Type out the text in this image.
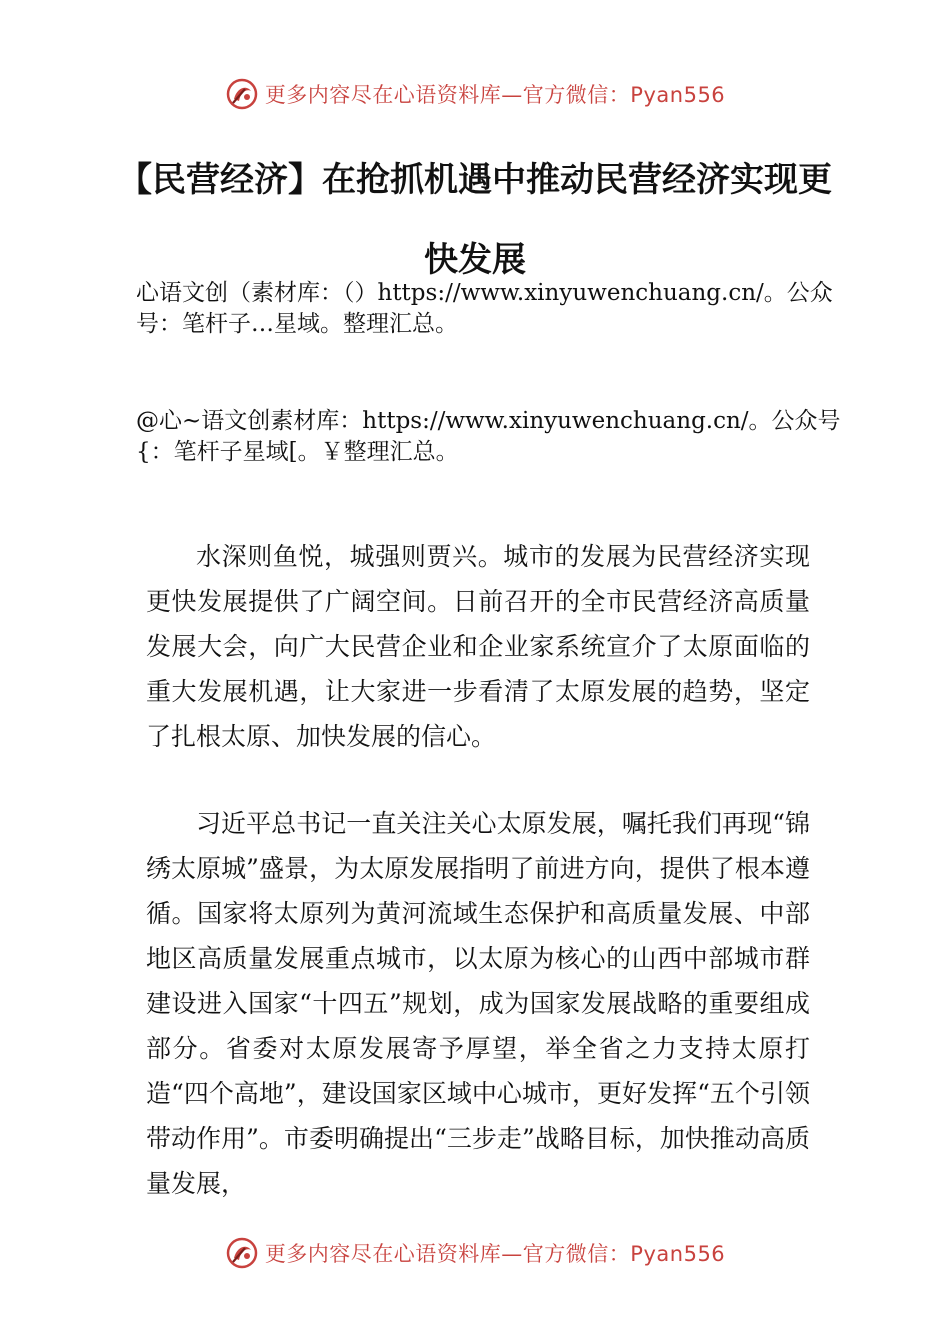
更多内容尽在心语资料库—官方微信：Pyan556
【民营经济】在抢抓机遇中推动民营经济实现更快发展

心语文创（素材库：（）https://www.xinyuwenchuang.cn/。公众号：笔杆子…星域。整理汇总。

@心~语文创素材库：https://www.xinyuwenchuang.cn/。公众号{：笔杆子星域[。￥整理汇总。

水深则鱼悦，城强则贾兴。城市的发展为民营经济实现更快发展提供了广阔空间。日前召开的全市民营经济高质量发展大会，向广大民营企业和企业家系统宣介了太原面临的重大发展机遇，让大家进一步看清了太原发展的趋势，坚定了扎根太原、加快发展的信心。

习近平总书记一直关注关心太原发展，嘱托我们再现“锦绣太原城”盛景，为太原发展指明了前进方向，提供了根本遵循。国家将太原列为黄河流域生态保护和高质量发展、中部地区高质量发展重点城市，以太原为核心的山西中部城市群建设进入国家“十四五”规划，成为国家发展战略的重要组成部分。省委对太原发展寄予厚望，举全省之力支持太原打造“四个高地”，建设国家区域中心城市，更好发挥“五个引领带动作用”。市委明确提出“三步走”战略目标，加快推动高质量发展，

更多内容尽在心语资料库—官方微信：Pyan556
